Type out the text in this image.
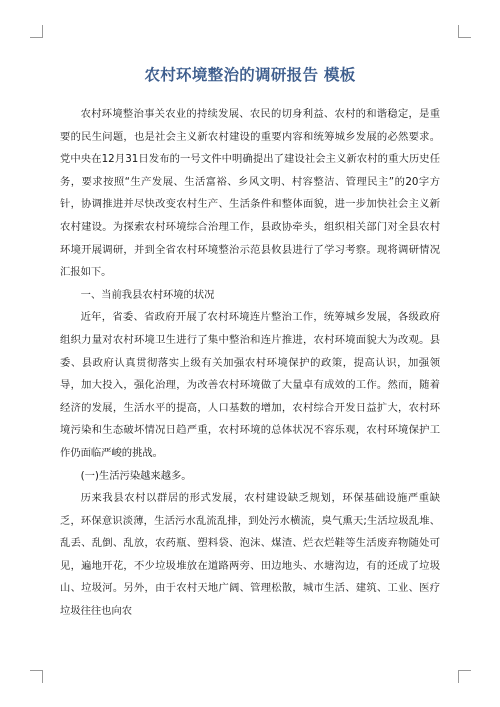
农村环境整治的调研报告 模板

农村环境整治事关农业的持续发展、农民的切身利益、农村的和谐稳定，是重要的民生问题，也是社会主义新农村建设的重要内容和统筹城乡发展的必然要求。党中央在12月31日发布的一号文件中明确提出了建设社会主义新农村的重大历史任务，要求按照“生产发展、生活富裕、乡风文明、村容整洁、管理民主”的20字方针，协调推进并尽快改变农村生产、生活条件和整体面貌，进一步加快社会主义新农村建设。为探索农村环境综合治理工作，县政协牵头，组织相关部门对全县农村环境开展调研，并到全省农村环境整治示范县攸县进行了学习考察。现将调研情况汇报如下。

一、当前我县农村环境的状况

近年，省委、省政府开展了农村环境连片整治工作，统筹城乡发展，各级政府组织力量对农村环境卫生进行了集中整治和连片推进，农村环境面貌大为改观。县委、县政府认真贯彻落实上级有关加强农村环境保护的政策，提高认识，加强领导，加大投入，强化治理，为改善农村环境做了大量卓有成效的工作。然而，随着经济的发展，生活水平的提高，人口基数的增加，农村综合开发日益扩大，农村环境污染和生态破坏情况日趋严重，农村环境的总体状况不容乐观，农村环境保护工作仍面临严峻的挑战。

(一)生活污染越来越多。

历来我县农村以群居的形式发展，农村建设缺乏规划，环保基础设施严重缺乏，环保意识淡薄，生活污水乱流乱排，到处污水横流，臭气熏天;生活垃圾乱堆、乱丢、乱倒、乱放，农药瓶、塑料袋、泡沫、煤渣、烂衣烂鞋等生活废弃物随处可见，遍地开花，不少垃圾堆放在道路两旁、田边地头、水塘沟边，有的还成了垃圾山、垃圾河。另外，由于农村天地广阔、管理松散，城市生活、建筑、工业、医疗垃圾往往也向农
